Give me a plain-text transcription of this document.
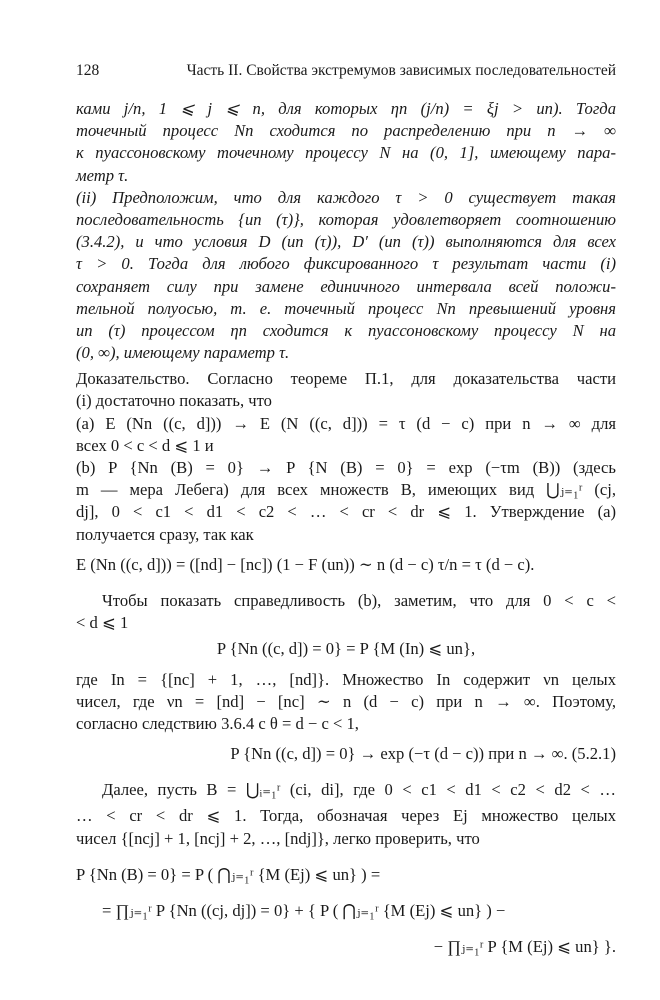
128	Часть II. Свойства экстремумов зависимых последовательностей
ками j/n, 1 ⩽ j ⩽ n, для которых ηn (j/n) = ξj > un). Тогда
точечный процесс Nn сходится по распределению при n → ∞
к пуассоновскому точечному процессу N на (0, 1], имеющему пара-
метр τ.
(ii) Предположим, что для каждого τ > 0 существует такая
последовательность {un (τ)}, которая удовлетворяет соотношению
(3.4.2), и что условия D (un (τ)), D′ (un (τ)) выполняются для всех
τ > 0. Тогда для любого фиксированного τ результат части (i)
сохраняет силу при замене единичного интервала всей положи-
тельной полуосью, т. е. точечный процесс Nn превышений уровня
un (τ) процессом ηn сходится к пуассоновскому процессу N на
(0, ∞), имеющему параметр τ.
Доказательство. Согласно теореме П.1, для доказательства части
(i) достаточно показать, что
(a) E (Nn ((c, d])) → E (N ((c, d])) = τ (d − c) при n → ∞ для
всех 0 < c < d ⩽ 1 и
(b) P {Nn (B) = 0} → P {N (B) = 0} = exp (−τm (B)) (здесь
m — мера Лебега) для всех множеств B, имеющих вид ⋃ⱼ₌₁ʳ (cj,
dj], 0 < c1 < d1 < c2 < … < cr < dr ⩽ 1. Утверждение (a)
получается сразу, так как
E (Nn ((c, d])) = ([nd] − [nc]) (1 − F (un)) ∼ n (d − c) τ/n = τ (d − c).
Чтобы показать справедливость (b), заметим, что для 0 < c <
< d ⩽ 1
P {Nn ((c, d]) = 0} = P {M (In) ⩽ un},
где In = {[nc] + 1, …, [nd]}. Множество In содержит νn целых
чисел, где νn = [nd] − [nc] ∼ n (d − c) при n → ∞. Поэтому,
согласно следствию 3.6.4 с θ = d − c < 1,
P {Nn ((c, d]) = 0} → exp (−τ (d − c)) при n → ∞. (5.2.1)
Далее, пусть B = ⋃ᵢ₌₁ʳ (ci, di], где 0 < c1 < d1 < c2 < d2 < …
… < cr < dr ⩽ 1. Тогда, обозначая через Ej множество целых
чисел {[ncj] + 1, [ncj] + 2, …, [ndj]}, легко проверить, что
P {Nn (B) = 0} = P ( ⋂ⱼ₌₁ʳ {M (Ej) ⩽ un} ) =
= ∏ⱼ₌₁ʳ P {Nn ((cj, dj]) = 0} + { P ( ⋂ⱼ₌₁ʳ {M (Ej) ⩽ un} ) −
− ∏ⱼ₌₁ʳ P {M (Ej) ⩽ un} }.
